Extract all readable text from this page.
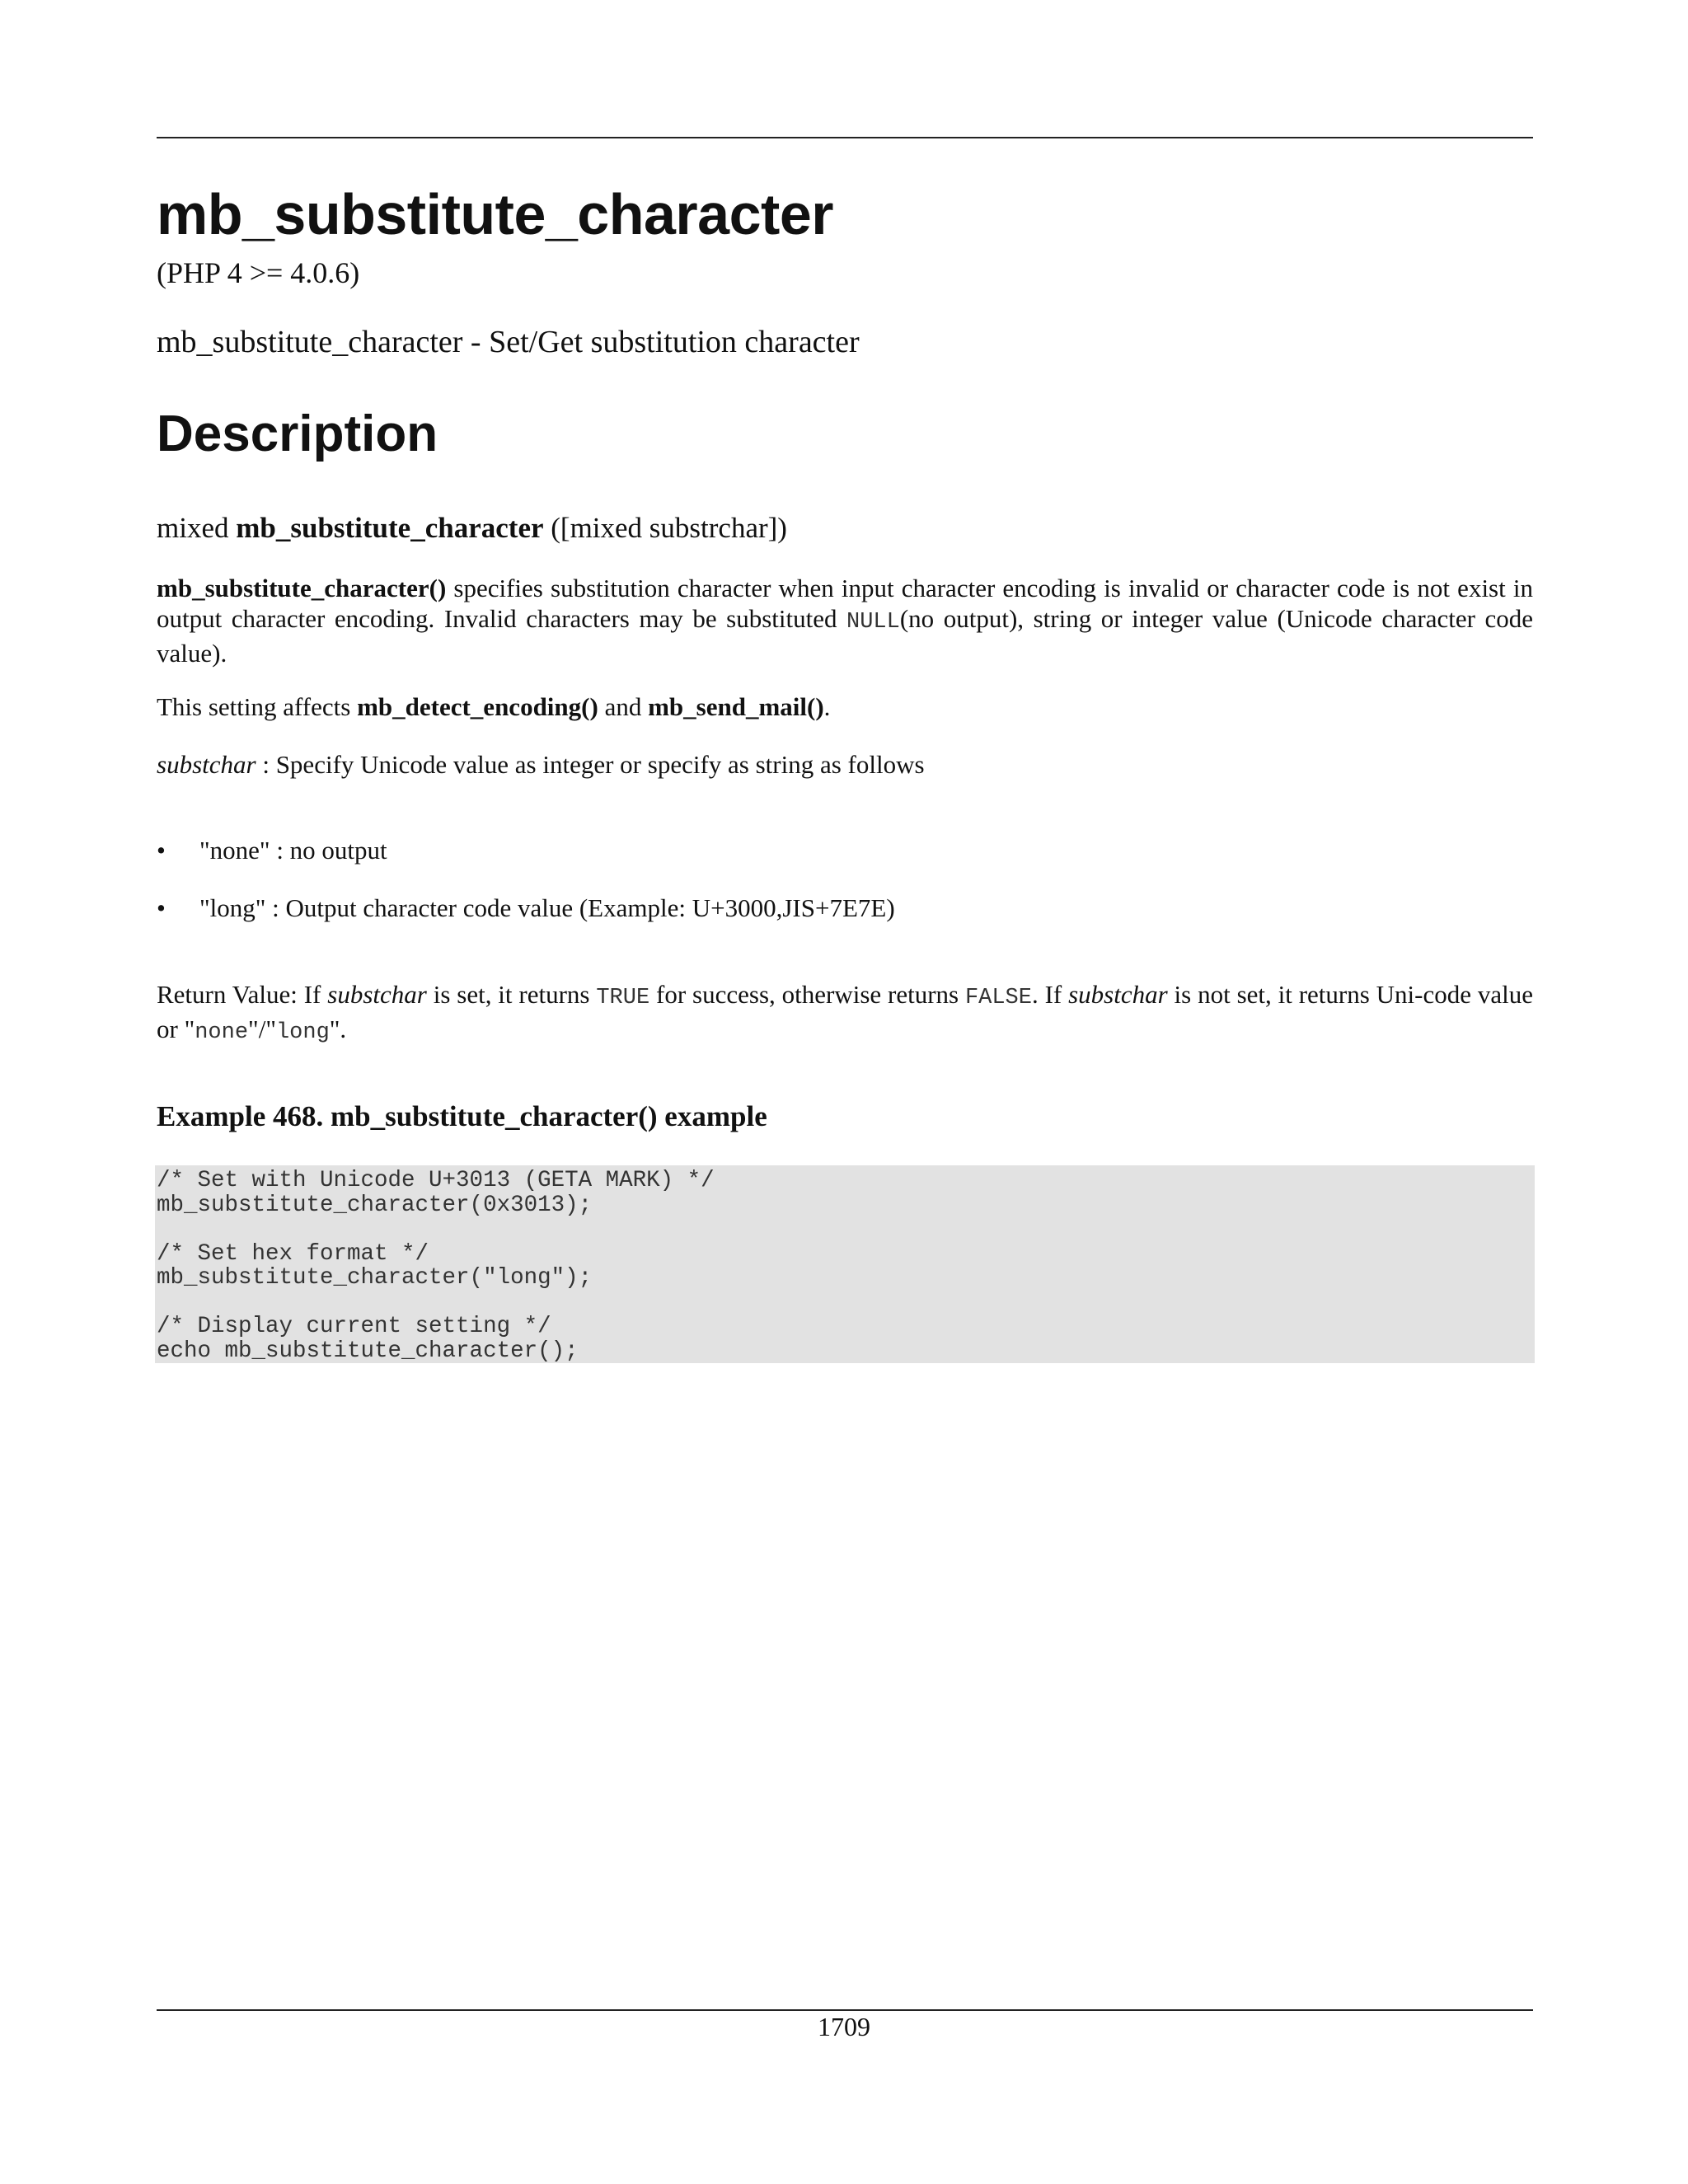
mb_substitute_character
(PHP 4 >= 4.0.6)
mb_substitute_character - Set/Get substitution character
Description
mixed mb_substitute_character ([mixed substrchar])

mb_substitute_character() specifies substitution character when input character encoding is invalid or character code is not exist in output character encoding. Invalid characters may be substituted NULL(no output), string or integer value (Unicode character code value).

This setting affects mb_detect_encoding() and mb_send_mail().

substchar : Specify Unicode value as integer or specify as string as follows

• "none" : no output
• "long" : Output character code value (Example: U+3000,JIS+7E7E)

Return Value: If substchar is set, it returns TRUE for success, otherwise returns FALSE. If substchar is not set, it returns Uni-code value or "none"/"long".

Example 468. mb_substitute_character() example
/* Set with Unicode U+3013 (GETA MARK) */
mb_substitute_character(0x3013);

/* Set hex format */
mb_substitute_character("long");

/* Display current setting */
echo mb_substitute_character();
1709
